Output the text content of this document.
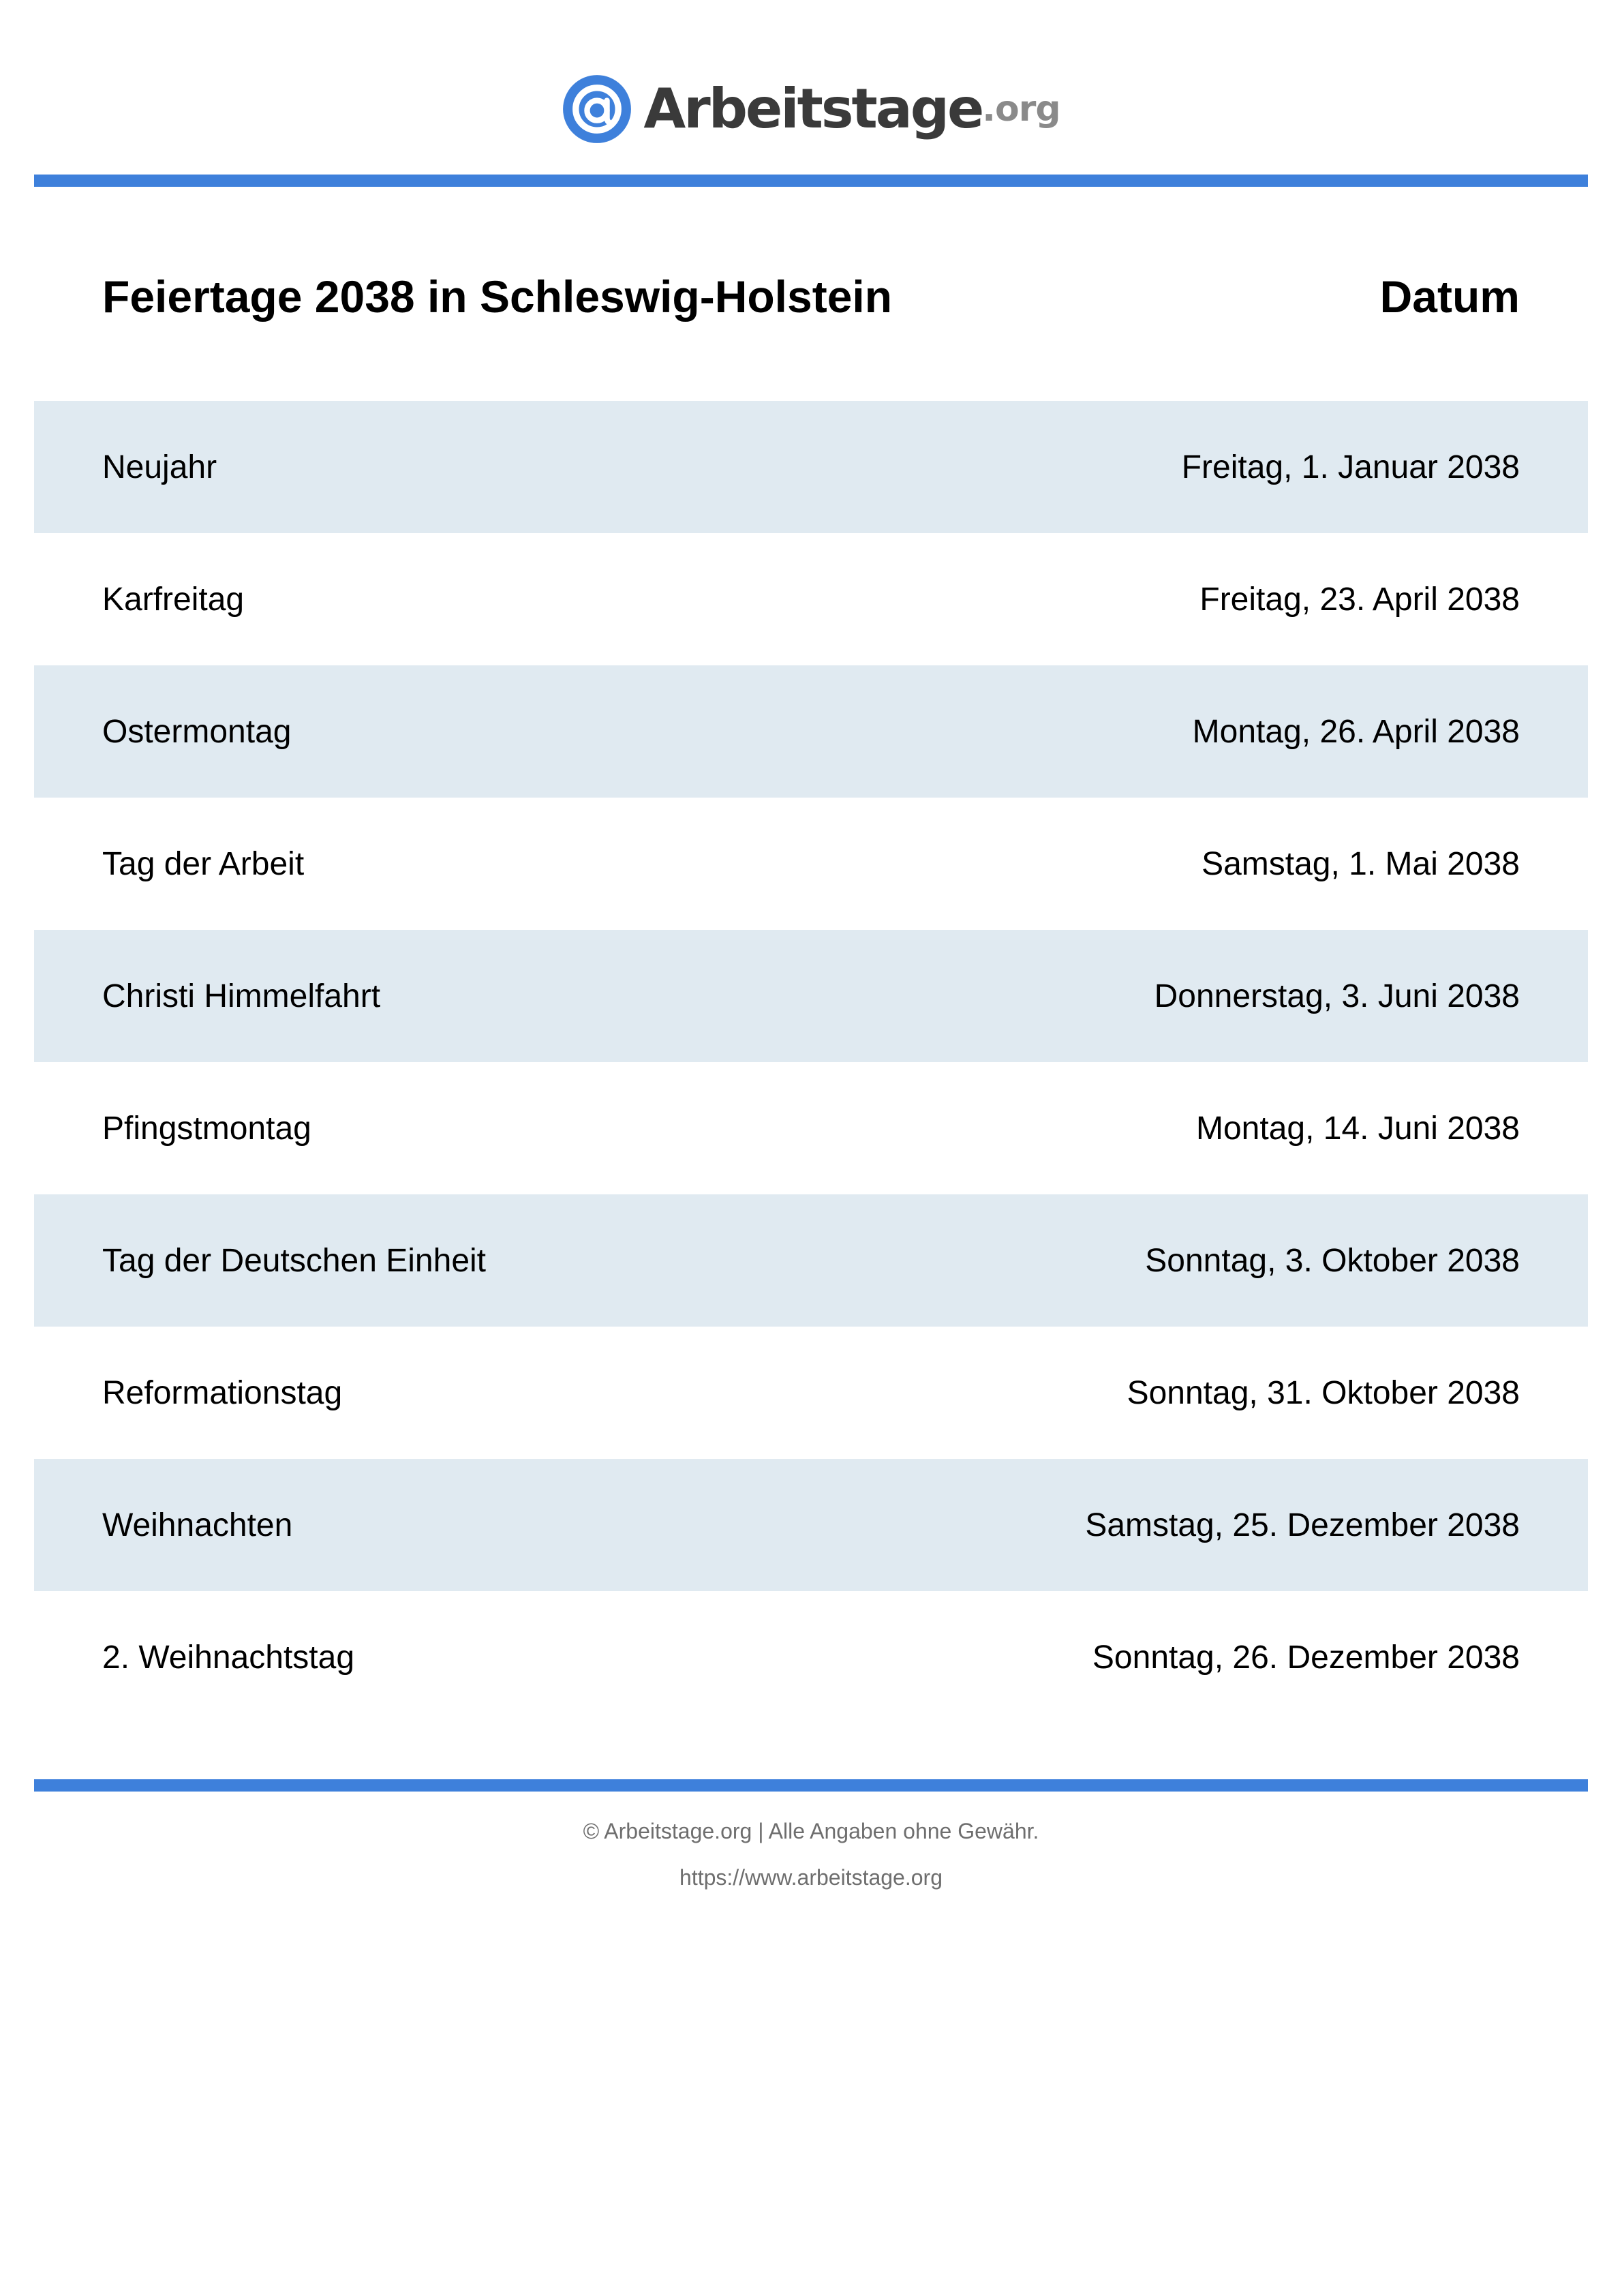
Arbeitstage .org
Feiertage 2038 in Schleswig-Holstein	Datum
Neujahr	Freitag, 1. Januar 2038
Karfreitag	Freitag, 23. April 2038
Ostermontag	Montag, 26. April 2038
Tag der Arbeit	Samstag, 1. Mai 2038
Christi Himmelfahrt	Donnerstag, 3. Juni 2038
Pfingstmontag	Montag, 14. Juni 2038
Tag der Deutschen Einheit	Sonntag, 3. Oktober 2038
Reformationstag	Sonntag, 31. Oktober 2038
Weihnachten	Samstag, 25. Dezember 2038
2. Weihnachtstag	Sonntag, 26. Dezember 2038
© Arbeitstage.org | Alle Angaben ohne Gewähr.
https://www.arbeitstage.org
